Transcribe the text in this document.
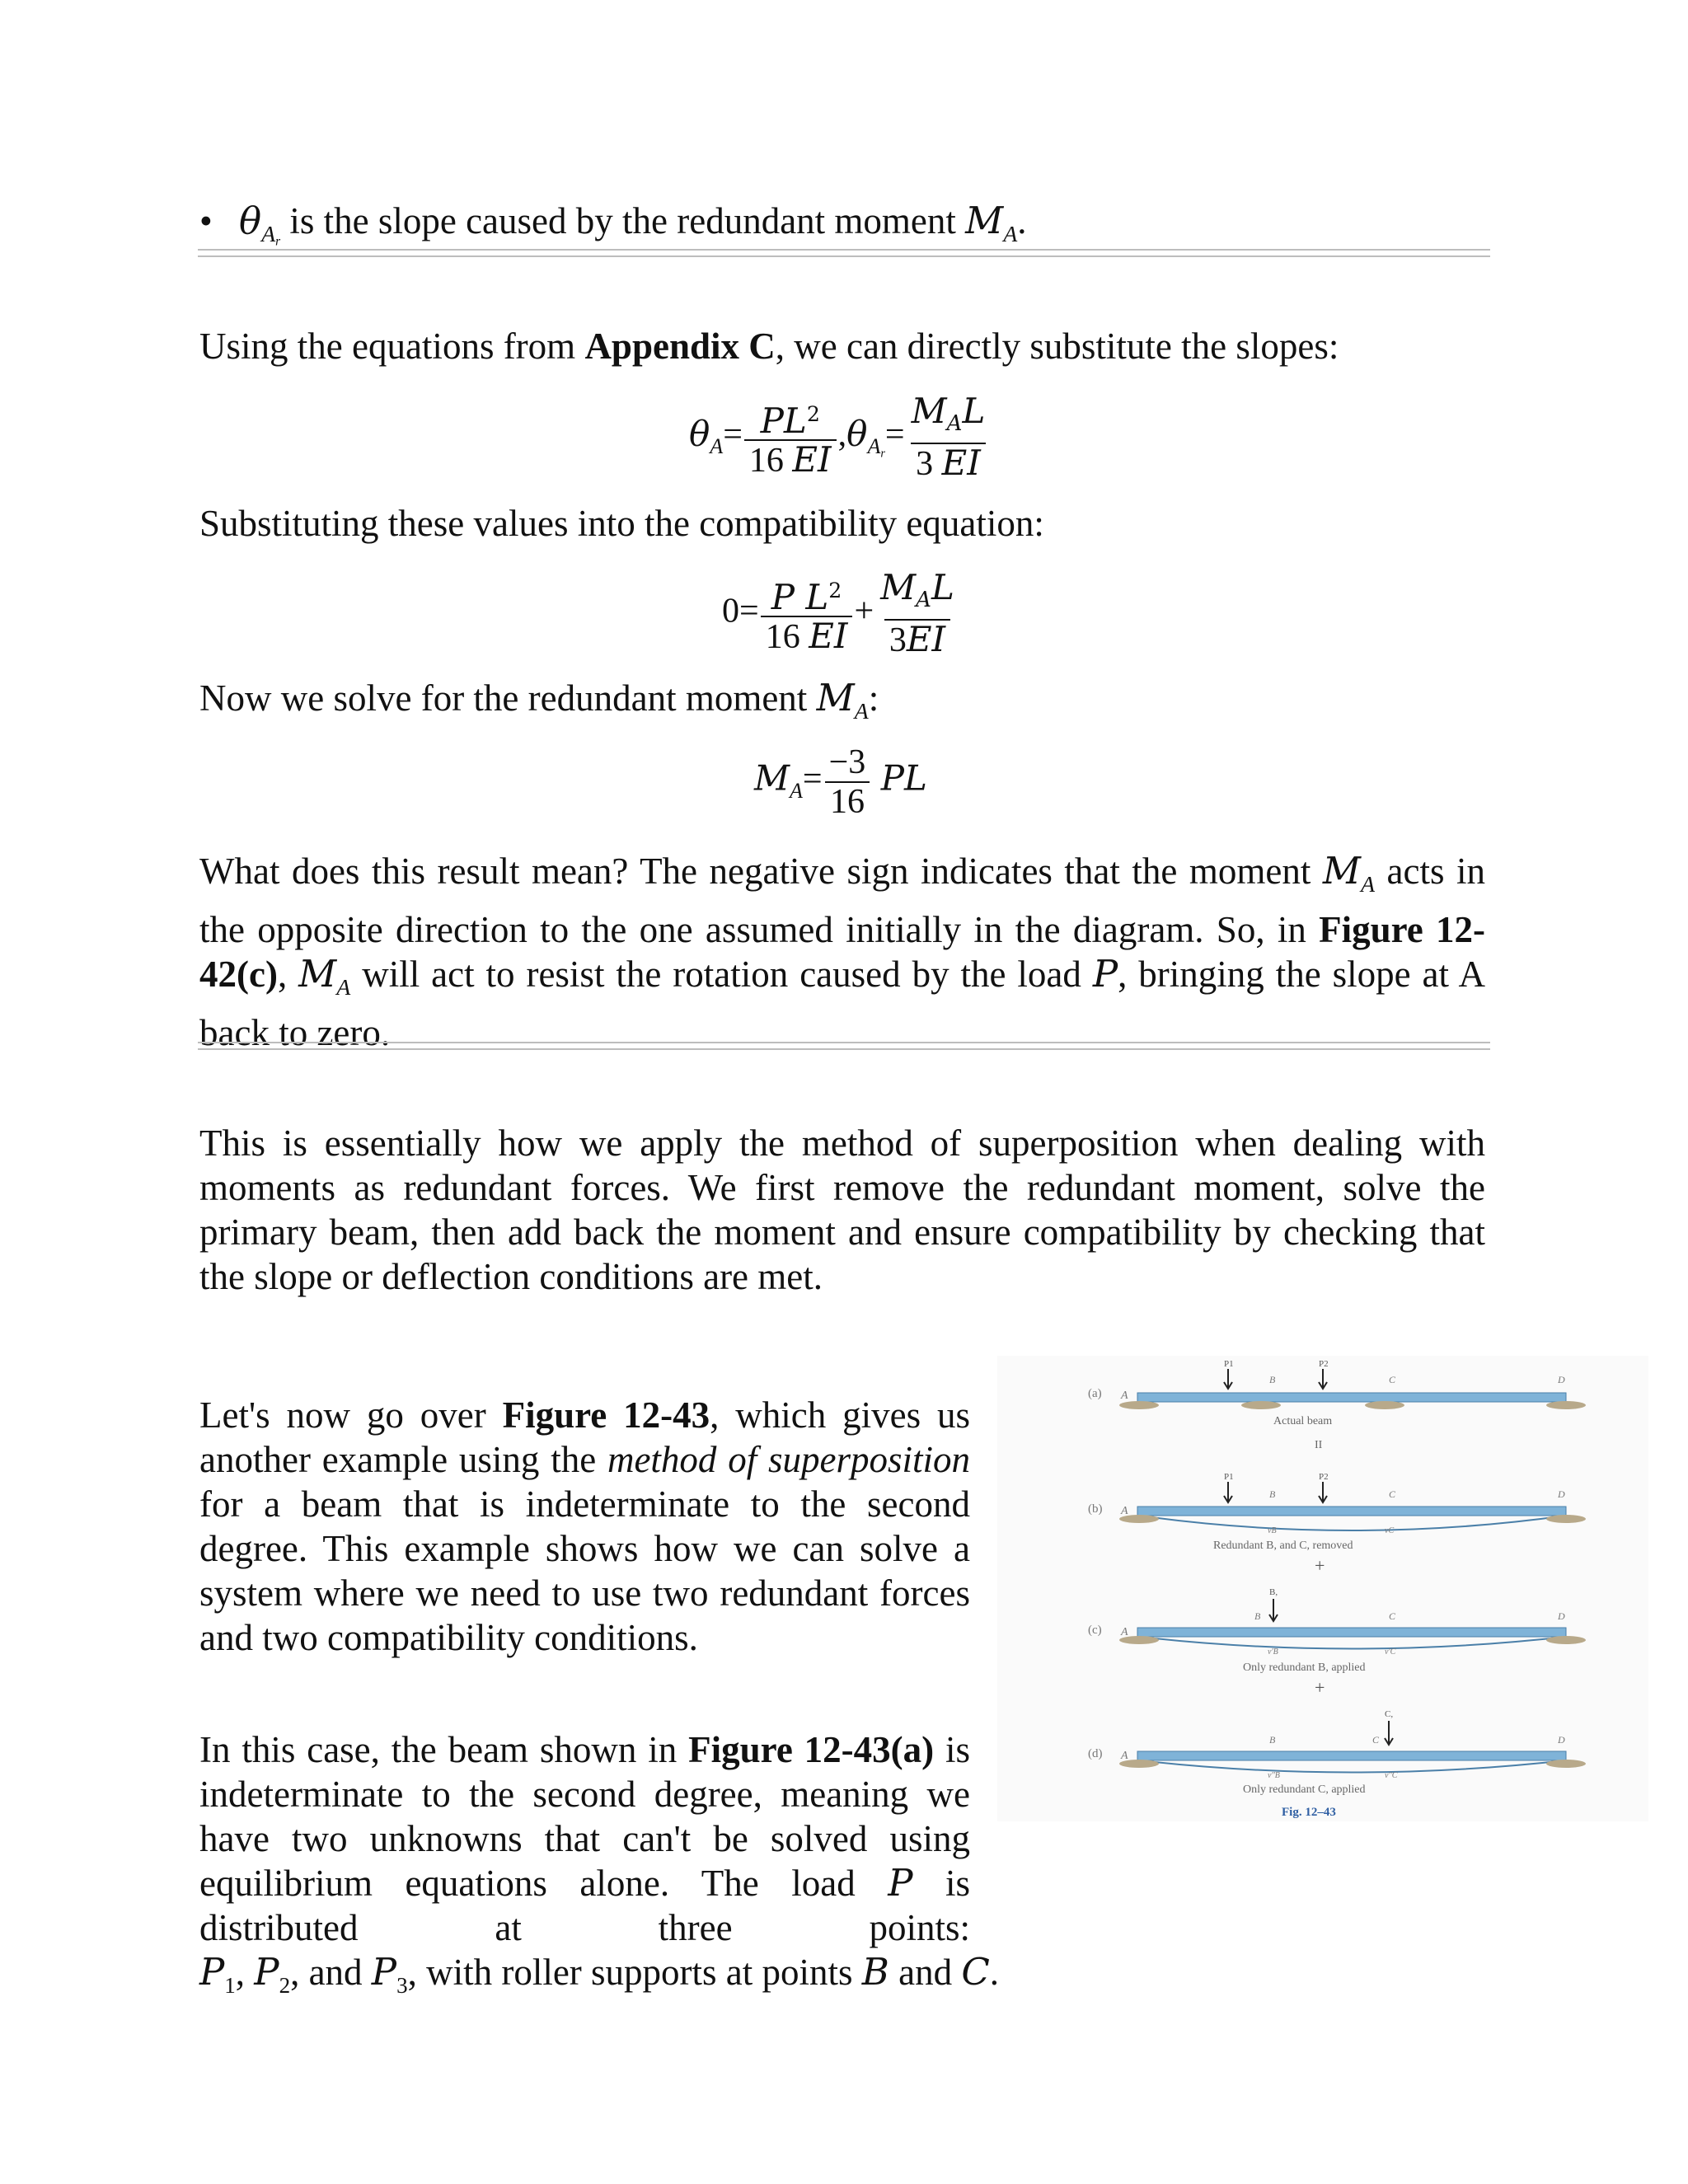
• $\theta_{Ar}$ is the slope caused by the redundant moment $M_A$.
Using the equations from Appendix C, we can directly substitute the slopes:
$\theta_A= \frac{PL^2}{16 EI} ,\theta_{Ar}= \frac{M_AL}{3 EI}$
Substituting these values into the compatibility equation:
$0= \frac{P L^2}{16 EI} + \frac{M_AL}{3EI}$
Now we solve for the redundant moment $M_A$:
$M_A= \frac{-3}{16}$ PL
What does this result mean? The negative sign indicates that the moment $M_A$ acts in the opposite direction to the one assumed initially in the diagram. So, in Figure 12-42(c), $M_A$ will act to resist the rotation caused by the load P, bringing the slope at A back to zero.
This is essentially how we apply the method of superposition when dealing with moments as redundant forces. We first remove the redundant moment, solve the primary beam, then add back the moment and ensure compatibility by checking that the slope or deflection conditions are met.
Let's now go over Figure 12-43, which gives us another example using the method of superposition for a beam that is indeterminate to the second degree. This example shows how we can solve a system where we need to use two redundant forces and two compatibility conditions.
In this case, the beam shown in Figure 12-43(a) is indeterminate to the second degree, meaning we have two unknowns that can't be solved using equilibrium equations alone. The load P is distributed at three points: $P_1$, $P_2$, and $P_3$, with roller supports at points B and C.
(a) A
P1	P2
B	C	D
Actual beam
II
(b) A
P1	P2
B	C	D
vB	vC
Redundant B, and C, removed
+
(c) A
B,
B	C	D
v'B	v'C
Only redundant B, applied
+
(d) A
C,
B	C	D
v''B	v''C
Only redundant C, applied
Fig. 12–43
